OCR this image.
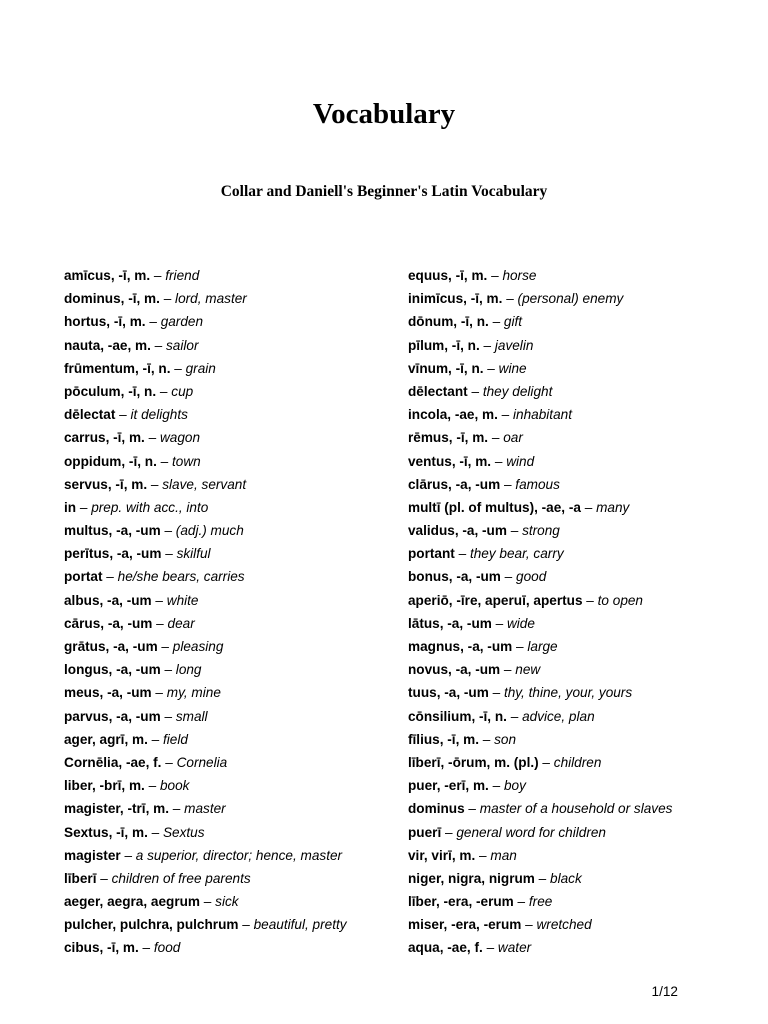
Vocabulary
Collar and Daniell's Beginner's Latin Vocabulary
amīcus, -ī, m. – friend
dominus, -ī, m. – lord, master
hortus, -ī, m. – garden
nauta, -ae, m. – sailor
frūmentum, -ī, n. – grain
pōculum, -ī, n. – cup
dēlectat – it delights
carrus, -ī, m. – wagon
oppidum, -ī, n. – town
servus, -ī, m. – slave, servant
in – prep. with acc., into
multus, -a, -um – (adj.) much
perītus, -a, -um – skilful
portat – he/she bears, carries
albus, -a, -um – white
cārus, -a, -um – dear
grātus, -a, -um – pleasing
longus, -a, -um – long
meus, -a, -um – my, mine
parvus, -a, -um – small
ager, agrī, m. – field
Cornēlia, -ae, f. – Cornelia
liber, -brī, m. – book
magister, -trī, m. – master
Sextus, -ī, m. – Sextus
magister – a superior, director; hence, master
līberī – children of free parents
aeger, aegra, aegrum – sick
pulcher, pulchra, pulchrum – beautiful, pretty
cibus, -ī, m. – food
equus, -ī, m. – horse
inimīcus, -ī, m. – (personal) enemy
dōnum, -ī, n. – gift
pīlum, -ī, n. – javelin
vīnum, -ī, n. – wine
dēlectant – they delight
incola, -ae, m. – inhabitant
rēmus, -ī, m. – oar
ventus, -ī, m. – wind
clārus, -a, -um – famous
multī (pl. of multus), -ae, -a – many
validus, -a, -um – strong
portant – they bear, carry
bonus, -a, -um – good
aperiō, -īre, aperuī, apertus – to open
lātus, -a, -um – wide
magnus, -a, -um – large
novus, -a, -um – new
tuus, -a, -um – thy, thine, your, yours
cōnsilium, -ī, n. – advice, plan
fīlius, -ī, m. – son
līberī, -ōrum, m. (pl.) – children
puer, -erī, m. – boy
dominus – master of a household or slaves
puerī – general word for children
vir, virī, m. – man
niger, nigra, nigrum – black
līber, -era, -erum – free
miser, -era, -erum – wretched
aqua, -ae, f. – water
1/12
